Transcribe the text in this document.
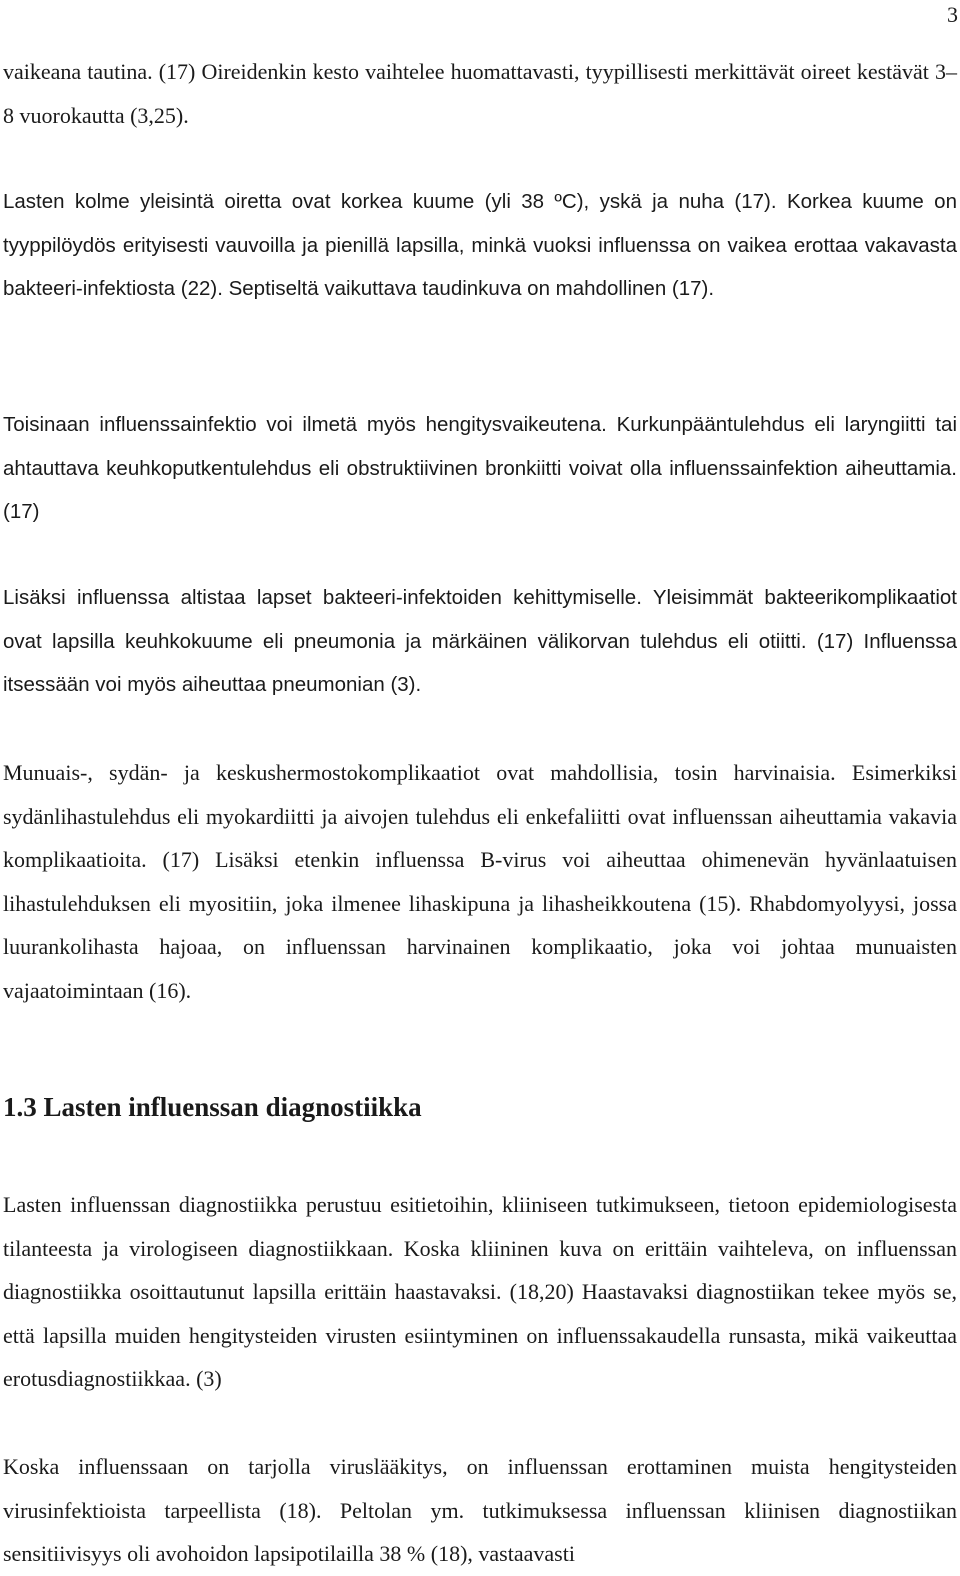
3

vaikeana tautina. (17) Oireidenkin kesto vaihtelee huomattavasti, tyypillisesti merkittävät oireet kestävät 3–8 vuorokautta (3,25).

Lasten kolme yleisintä oiretta ovat korkea kuume (yli 38 ºC), yskä ja nuha (17). Korkea kuume on tyyppilöydös erityisesti vauvoilla ja pienillä lapsilla, minkä vuoksi influenssa on vaikea erottaa vakavasta bakteeri-infektiosta (22). Septiseltä vaikuttava taudinkuva on mahdollinen (17).

Toisinaan influenssainfektio voi ilmetä myös hengitysvaikeutena. Kurkunpääntulehdus eli laryngiitti tai ahtauttava keuhkoputkentulehdus eli obstruktiivinen bronkiitti voivat olla influenssainfektion aiheuttamia. (17)

Lisäksi influenssa altistaa lapset bakteeri-infektoiden kehittymiselle. Yleisimmät bakteerikomplikaatiot ovat lapsilla keuhkokuume eli pneumonia ja märkäinen välikorvan tulehdus eli otiitti. (17) Influenssa itsessään voi myös aiheuttaa pneumonian (3).

Munuais-, sydän- ja keskushermostokomplikaatiot ovat mahdollisia, tosin harvinaisia. Esimerkiksi sydänlihastulehdus eli myokardiitti ja aivojen tulehdus eli enkefaliitti ovat influenssan aiheuttamia vakavia komplikaatioita. (17) Lisäksi etenkin influenssa B-virus voi aiheuttaa ohimenevän hyvänlaatuisen lihastulehduksen eli myositiin, joka ilmenee lihaskipuna ja lihasheikkoutena (15). Rhabdomyolyysi, jossa luurankolihasta hajoaa, on influenssan harvinainen komplikaatio, joka voi johtaa munuaisten vajaatoimintaan (16).

1.3 Lasten influenssan diagnostiikka

Lasten influenssan diagnostiikka perustuu esitietoihin, kliiniseen tutkimukseen, tietoon epidemiologisesta tilanteesta ja virologiseen diagnostiikkaan. Koska kliininen kuva on erittäin vaihteleva, on influenssan diagnostiikka osoittautunut lapsilla erittäin haastavaksi. (18,20) Haastavaksi diagnostiikan tekee myös se, että lapsilla muiden hengitysteiden virusten esiintyminen on influenssakaudella runsasta, mikä vaikeuttaa erotusdiagnostiikkaa. (3)

Koska influenssaan on tarjolla viruslääkitys, on influenssan erottaminen muista hengitysteiden virusinfektioista tarpeellista (18). Peltolan ym. tutkimuksessa influenssan kliinisen diagnostiikan sensitiivisyys oli avohoidon lapsipotilailla 38 % (18), vastaavasti
